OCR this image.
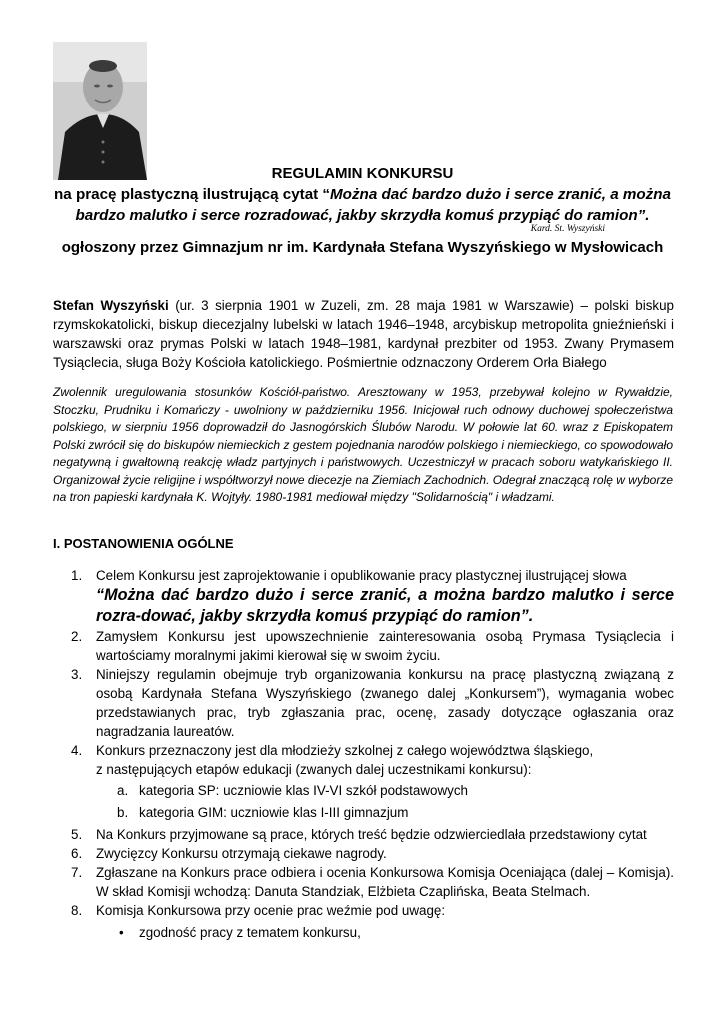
REGULAMIN KONKURSU
na pracę plastyczną ilustrującą cytat “Można dać bardzo dużo i serce zranić, a można
bardzo malutko i serce rozradować, jakby skrzydła komuś przypiąć do ramion”.
Kard. St. Wyszyński
ogłoszony przez Gimnazjum nr im. Kardynała Stefana Wyszyńskiego w Mysłowicach
Stefan Wyszyński (ur. 3 sierpnia 1901 w Zuzeli, zm. 28 maja 1981 w Warszawie) – polski biskup rzymskokatolicki, biskup diecezjalny lubelski w latach 1946–1948, arcybiskup metropolita gnieźnieński i warszawski oraz prymas Polski w latach 1948–1981, kardynał prezbiter od 1953. Zwany Prymasem Tysiąclecia, sługa Boży Kościoła katolickiego. Pośmiertnie odznaczony Orderem Orła Białego
Zwolennik uregulowania stosunków Kościół-państwo. Aresztowany w 1953, przebywał kolejno w Rywałdzie, Stoczku, Prudniku i Komańczy - uwolniony w październiku 1956. Inicjował ruch odnowy duchowej społeczeństwa polskiego, w sierpniu 1956 doprowadził do Jasnogórskich Ślubów Narodu. W połowie lat 60. wraz z Episkopatem Polski zwrócił się do biskupów niemieckich z gestem pojednania narodów polskiego i niemieckiego, co spowodowało negatywną i gwałtowną reakcję władz partyjnych i państwowych. Uczestniczył w pracach soboru watykańskiego II. Organizował życie religijne i współtworzył nowe diecezje na Ziemiach Zachodnich. Odegrał znaczącą rolę w wyborze na tron papieski kardynała K. Wojtyły. 1980-1981 mediował między "Solidarnością" i władzami.
I. POSTANOWIENIA OGÓLNE
1. Celem Konkursu jest zaprojektowanie i opublikowanie pracy plastycznej ilustrującej słowa
“Można dać bardzo dużo i serce zranić, a można bardzo malutko i serce rozra-dować, jakby skrzydła komuś przypiąć do ramion”.
2. Zamysłem Konkursu jest upowszechnienie zainteresowania osobą Prymasa Tysiąclecia i wartościamy moralnymi jakimi kierował się w swoim życiu.
3. Niniejszy regulamin obejmuje tryb organizowania konkursu na pracę plastyczną związaną z osobą Kardynała Stefana Wyszyńskiego (zwanego dalej „Konkursem”), wymagania wobec przedstawianych prac, tryb zgłaszania prac, ocenę, zasady dotyczące ogłaszania oraz nagradzania laureatów.
4. Konkurs przeznaczony jest dla młodzieży szkolnej z całego województwa śląskiego,
z następujących etapów edukacji (zwanych dalej uczestnikami konkursu):
a. kategoria SP: uczniowie klas IV-VI szkół podstawowych
b. kategoria GIM: uczniowie klas I-III gimnazjum
5. Na Konkurs przyjmowane są prace, których treść będzie odzwierciedlała przedstawiony cytat
6. Zwycięzcy Konkursu otrzymają ciekawe nagrody.
7. Zgłaszane na Konkurs prace odbiera i ocenia Konkursowa Komisja Oceniająca (dalej – Komisja). W skład Komisji wchodzą: Danuta Standziak, Elżbieta Czaplińska, Beata Stelmach.
8. Komisja Konkursowa przy ocenie prac weźmie pod uwagę:
• zgodność pracy z tematem konkursu,
